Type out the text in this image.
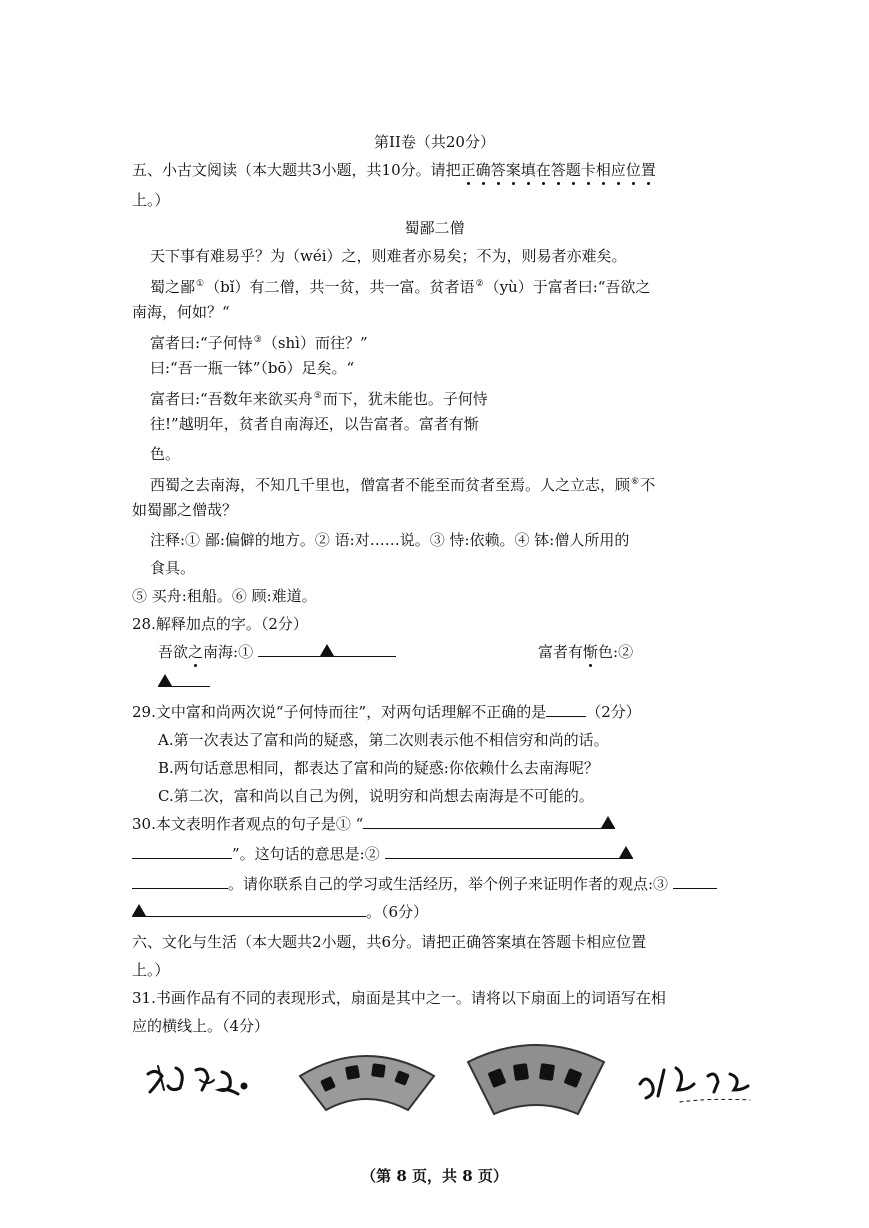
第II卷（共20分）
五、小古文阅读（本大题共3小题，共10分。请把正确答案填在答题卡相应位置
上。）
蜀鄙二僧
天下事有难易乎？为（wéi）之，则难者亦易矣；不为，则易者亦难矣。
蜀之鄙①（bǐ）有二僧，共一贫，共一富。贫者语②（yù）于富者曰:“吾欲之
南海，何如？“
富者曰:“子何恃③（shì）而往？”
曰:“吾一瓶一钵”（bō）足矣。“
富者曰:“吾数年来欲买舟⑤而下，犹未能也。子何恃
往!”越明年，贫者自南海还，以告富者。富者有惭
色。
西蜀之去南海，不知几千里也，僧富者不能至而贫者至焉。人之立志，顾⑥不
如蜀鄙之僧哉？
注释:① 鄙:偏僻的地方。② 语:对……说。③ 恃:依赖。④ 钵:僧人所用的
食具。
⑤ 买舟:租船。⑥ 顾:难道。
28.解释加点的字。（2分）
吾欲之南海:①	富者有惭色:②
29.文中富和尚两次说“子何恃而往”，对两句话理解不正确的是	（2分）
A.第一次表达了富和尚的疑惑，第二次则表示他不相信穷和尚的话。
B.两句话意思相同，都表达了富和尚的疑惑:你依赖什么去南海呢？
C.第二次，富和尚以自己为例，说明穷和尚想去南海是不可能的。
30.本文表明作者观点的句子是① “
”。这句话的意思是:②
。请你联系自己的学习或生活经历，举个例子来证明作者的观点:③
。（6分）
六、文化与生活（本大题共2小题，共6分。请把正确答案填在答题卡相应位置
上。）
31.书画作品有不同的表现形式，扇面是其中之一。请将以下扇面上的词语写在相
应的横线上。（4分）
（第 8 页，共 8 页）
